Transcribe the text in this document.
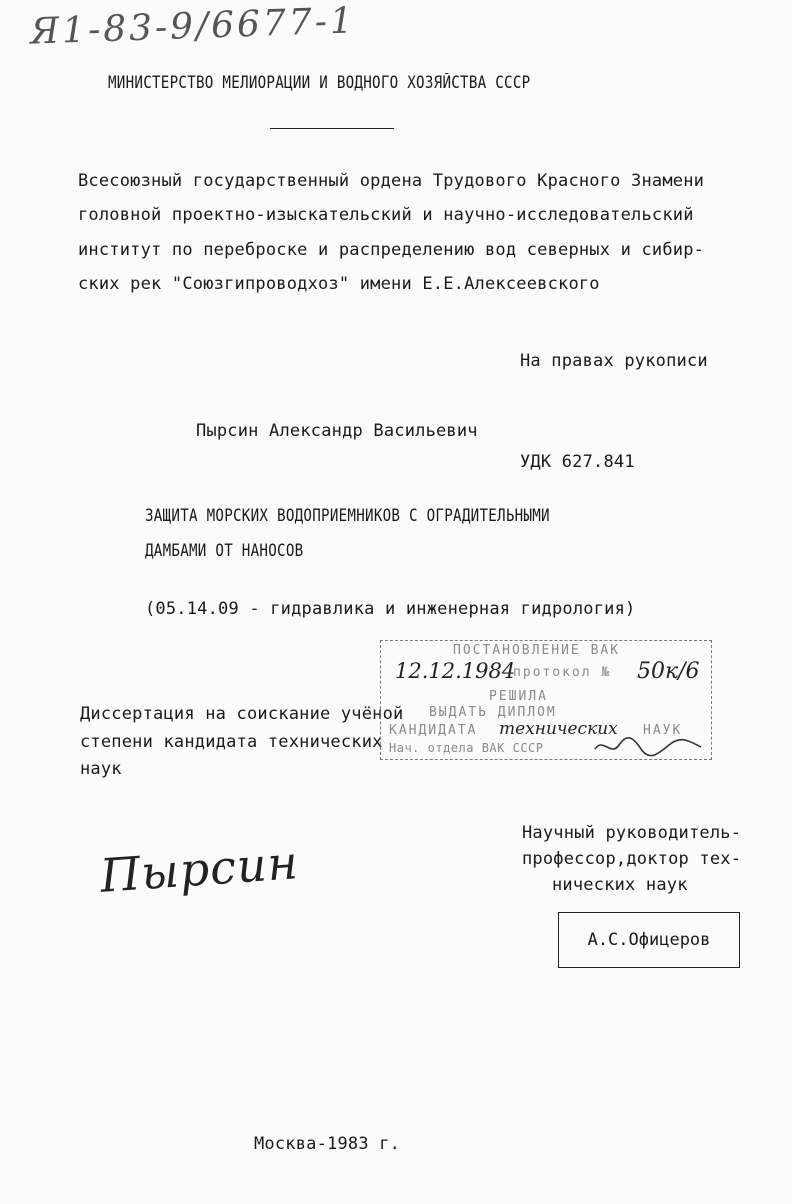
Я1-83-9/6677-1
МИНИСТЕРСТВО МЕЛИОРАЦИИ И ВОДНОГО ХОЗЯЙСТВА СССР
Всесоюзный государственный ордена Трудового Красного Знамени
головной проектно-изыскательский и научно-исследовательский
институт по переброске и распределению вод северных и сибир-
ских рек "Союзгипроводхоз" имени Е.Е.Алексеевского
На правах рукописи
Пырсин Александр Васильевич
УДК 627.841
ЗАЩИТА МОРСКИХ ВОДОПРИЕМНИКОВ С ОГРАДИТЕЛЬНЫМИ
ДАМБАМИ ОТ НАНОСОВ
(05.14.09 - гидравлика и инженерная гидрология)
Диссертация на соискание учёной
степени кандидата технических
наук
12.12.1984
ПОСТАНОВЛЕНИЕ ВАК
протокол № 50к/6
РЕШИЛА
ВЫДАТЬ ДИПЛОМ
КАНДИДАТА технических НАУК
Нач. отдела ВАК СССР
Пырсин
Научный руководитель-
профессор,доктор тех-
нических наук
А.С.Офицеров
Москва-1983 г.
